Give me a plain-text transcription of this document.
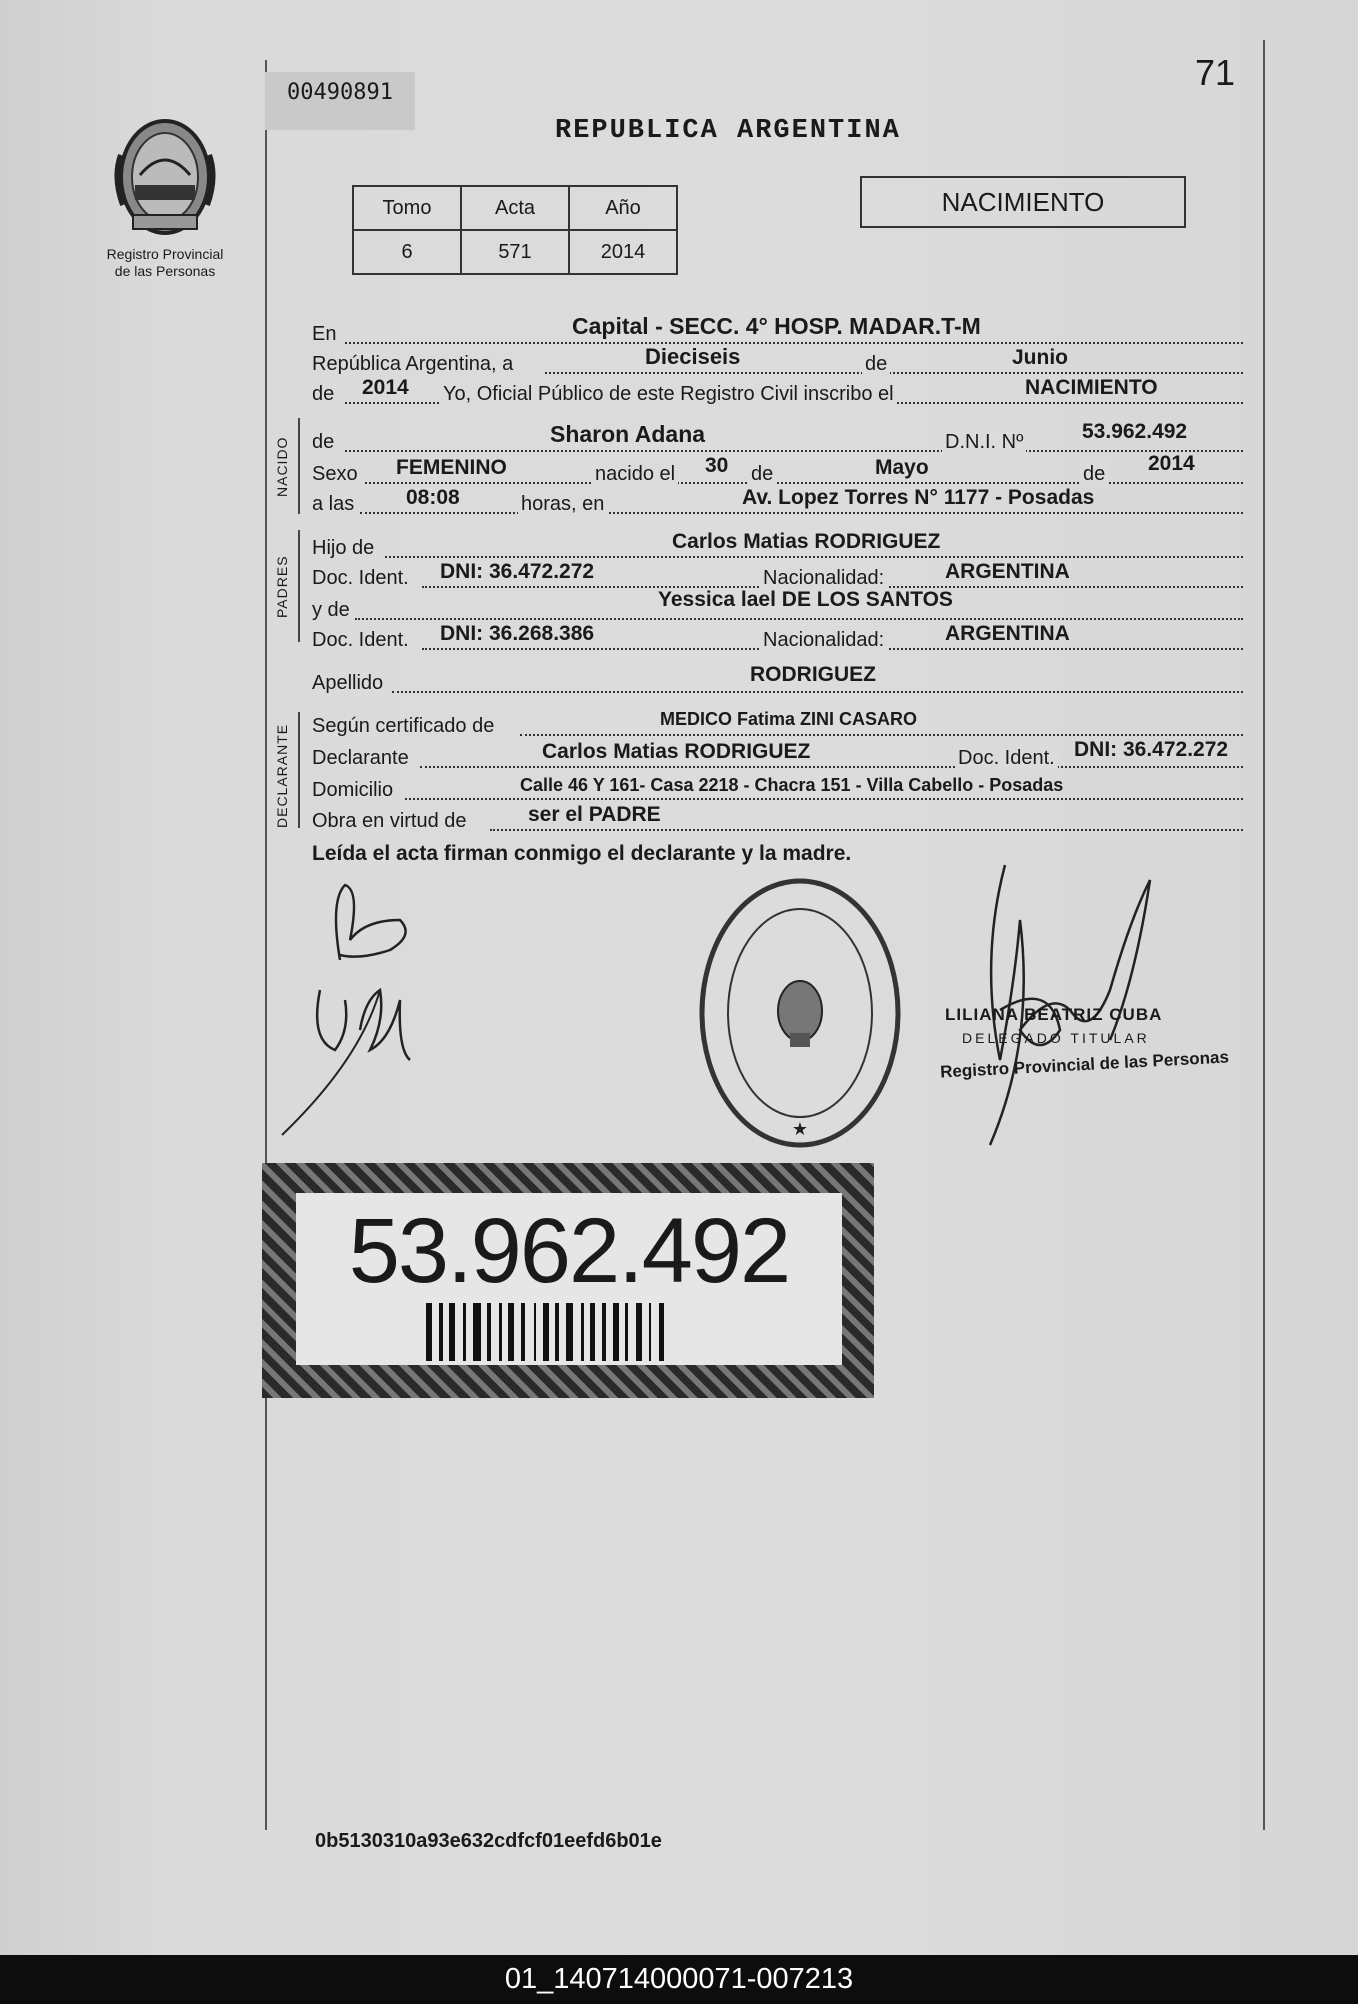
00490891	71
REPUBLICA ARGENTINA
Registro Provincial
de las Personas
Tomo	Acta	Año
6	571	2014
NACIMIENTO
En	Capital - SECC. 4° HOSP. MADAR.T-M
República Argentina, a	Dieciseis	de	Junio
de 2014 Yo, Oficial Público de este Registro Civil inscribo el	NACIMIENTO
NACIDO de	Sharon Adana	D.N.I. Nº	53.962.492
Sexo FEMENINO	nacido el 30 de	Mayo	de 2014
a las 08:08	horas, en	Av. Lopez Torres N° 1177 - Posadas
PADRES
Hijo de	Carlos Matias RODRIGUEZ
Doc. Ident. DNI: 36.472.272	Nacionalidad:	ARGENTINA
y de	Yessica lael DE LOS SANTOS
Doc. Ident. DNI: 36.268.386	Nacionalidad:	ARGENTINA
Apellido	RODRIGUEZ
DECLARANTE Según certificado de	MEDICO Fatima ZINI CASARO
Declarante	Carlos Matias RODRIGUEZ	Doc. Ident. DNI: 36.472.272
Domicilio	Calle 46 Y 161- Casa 2218 - Chacra 151 - Villa Cabello - Posadas
Obra en virtud de	ser el PADRE
Leída el acta firman conmigo el declarante y la madre.
★
LILIANA BEATRIZ CUBA
DELEGADO TITULAR
Registro Provincial de las Personas
53.962.492
0b5130310a93e632cdfcf01eefd6b01e
01_140714000071-007213
